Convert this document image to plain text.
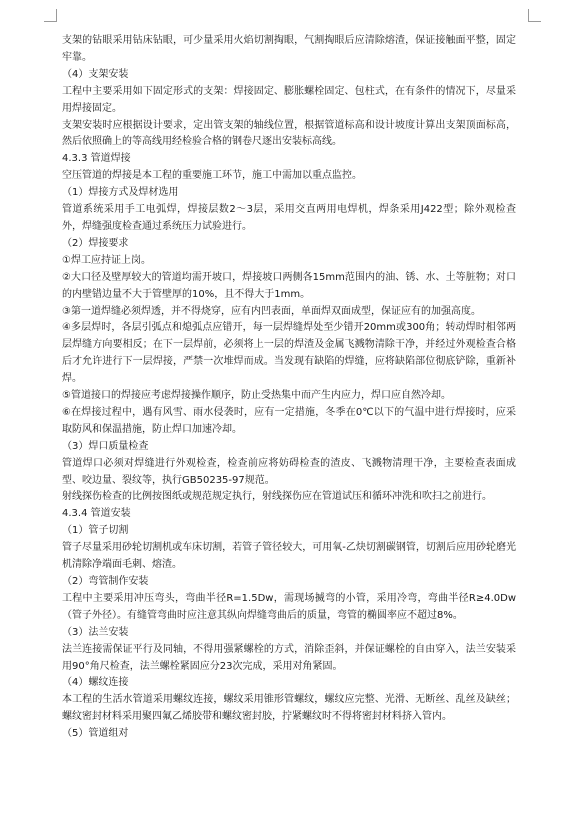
支架的钻眼采用钻床钻眼，可少量采用火焰切割掏眼，气割掏眼后应清除熔渣，保证接触面平整，固定牢靠。

（4）支架安装

工程中主要采用如下固定形式的支架：焊接固定、膨胀螺栓固定、包柱式，在有条件的情况下，尽量采用焊接固定。

支架安装时应根据设计要求，定出管支架的轴线位置，根据管道标高和设计坡度计算出支架顶面标高，然后依照确上的等高线用经检验合格的钢卷尺逐出安装标高线。

4.3.3 管道焊接

空压管道的焊接是本工程的重要施工环节，施工中需加以重点监控。

（1）焊接方式及焊材选用

管道系统采用手工电弧焊，焊接层数2～3层，采用交直两用电焊机，焊条采用J422型；除外观检查外，焊缝强度检查通过系统压力试验进行。

（2）焊接要求

①焊工应持证上岗。

②大口径及壁厚较大的管道均需开坡口，焊接坡口两侧各15mm范围内的油、锈、水、土等脏物；对口的内壁错边量不大于管壁厚的10%，且不得大于1mm。

③第一道焊缝必须焊透，并不得烧穿，应有内凹表面，单面焊双面成型，保证应有的加强高度。

④多层焊时，各层引弧点和熄弧点应错开，每一层焊缝焊处至少错开20mm或300角；转动焊时相邻两层焊缝方向要相反；在下一层焊前，必须将上一层的焊渣及金属飞溅物清除干净，并经过外观检查合格后才允许进行下一层焊接，严禁一次堆焊而成。当发现有缺陷的焊缝，应将缺陷部位彻底铲除，重新补焊。

⑤管道接口的焊接应考虑焊接操作顺序，防止受热集中而产生内应力，焊口应自然冷却。

⑥在焊接过程中，遇有风雪、雨水侵袭时，应有一定措施，冬季在0℃以下的气温中进行焊接时，应采取防风和保温措施，防止焊口加速冷却。

（3）焊口质量检查

管道焊口必须对焊缝进行外观检查，检查前应将妨碍检查的渣皮、飞溅物清理干净，主要检查表面成型、咬边量、裂纹等，执行GB50235-97规范。

射线探伤检查的比例按图纸或规范规定执行，射线探伤应在管道试压和循环冲洗和吹扫之前进行。

4.3.4 管道安装

（1）管子切割

管子尽量采用砂轮切割机或车床切割，若管子管径较大，可用氧-乙炔切割碳钢管，切割后应用砂轮磨光机清除净端面毛刺、熔渣。

（2）弯管制作安装

工程中主要采用冲压弯头，弯曲半径R=1.5Dw，需现场揻弯的小管，采用冷弯，弯曲半径R≥4.0Dw（管子外径）。有缝管弯曲时应注意其纵向焊缝弯曲后的质量，弯管的椭圆率应不超过8%。

（3）法兰安装

法兰连接需保证平行及同轴，不得用强紧螺栓的方式，消除歪斜，并保证螺栓的自由穿入，法兰安装采用90°角尺检查，法兰螺栓紧固应分23次完成，采用对角紧固。

（4）螺纹连接

本工程的生活水管道采用螺纹连接，螺纹采用锥形管螺纹，螺纹应完整、光滑、无断丝、乱丝及缺丝；螺纹密封材料采用聚四氟乙烯胶带和螺纹密封胶，拧紧螺纹时不得将密封材料挤入管内。

（5）管道组对
